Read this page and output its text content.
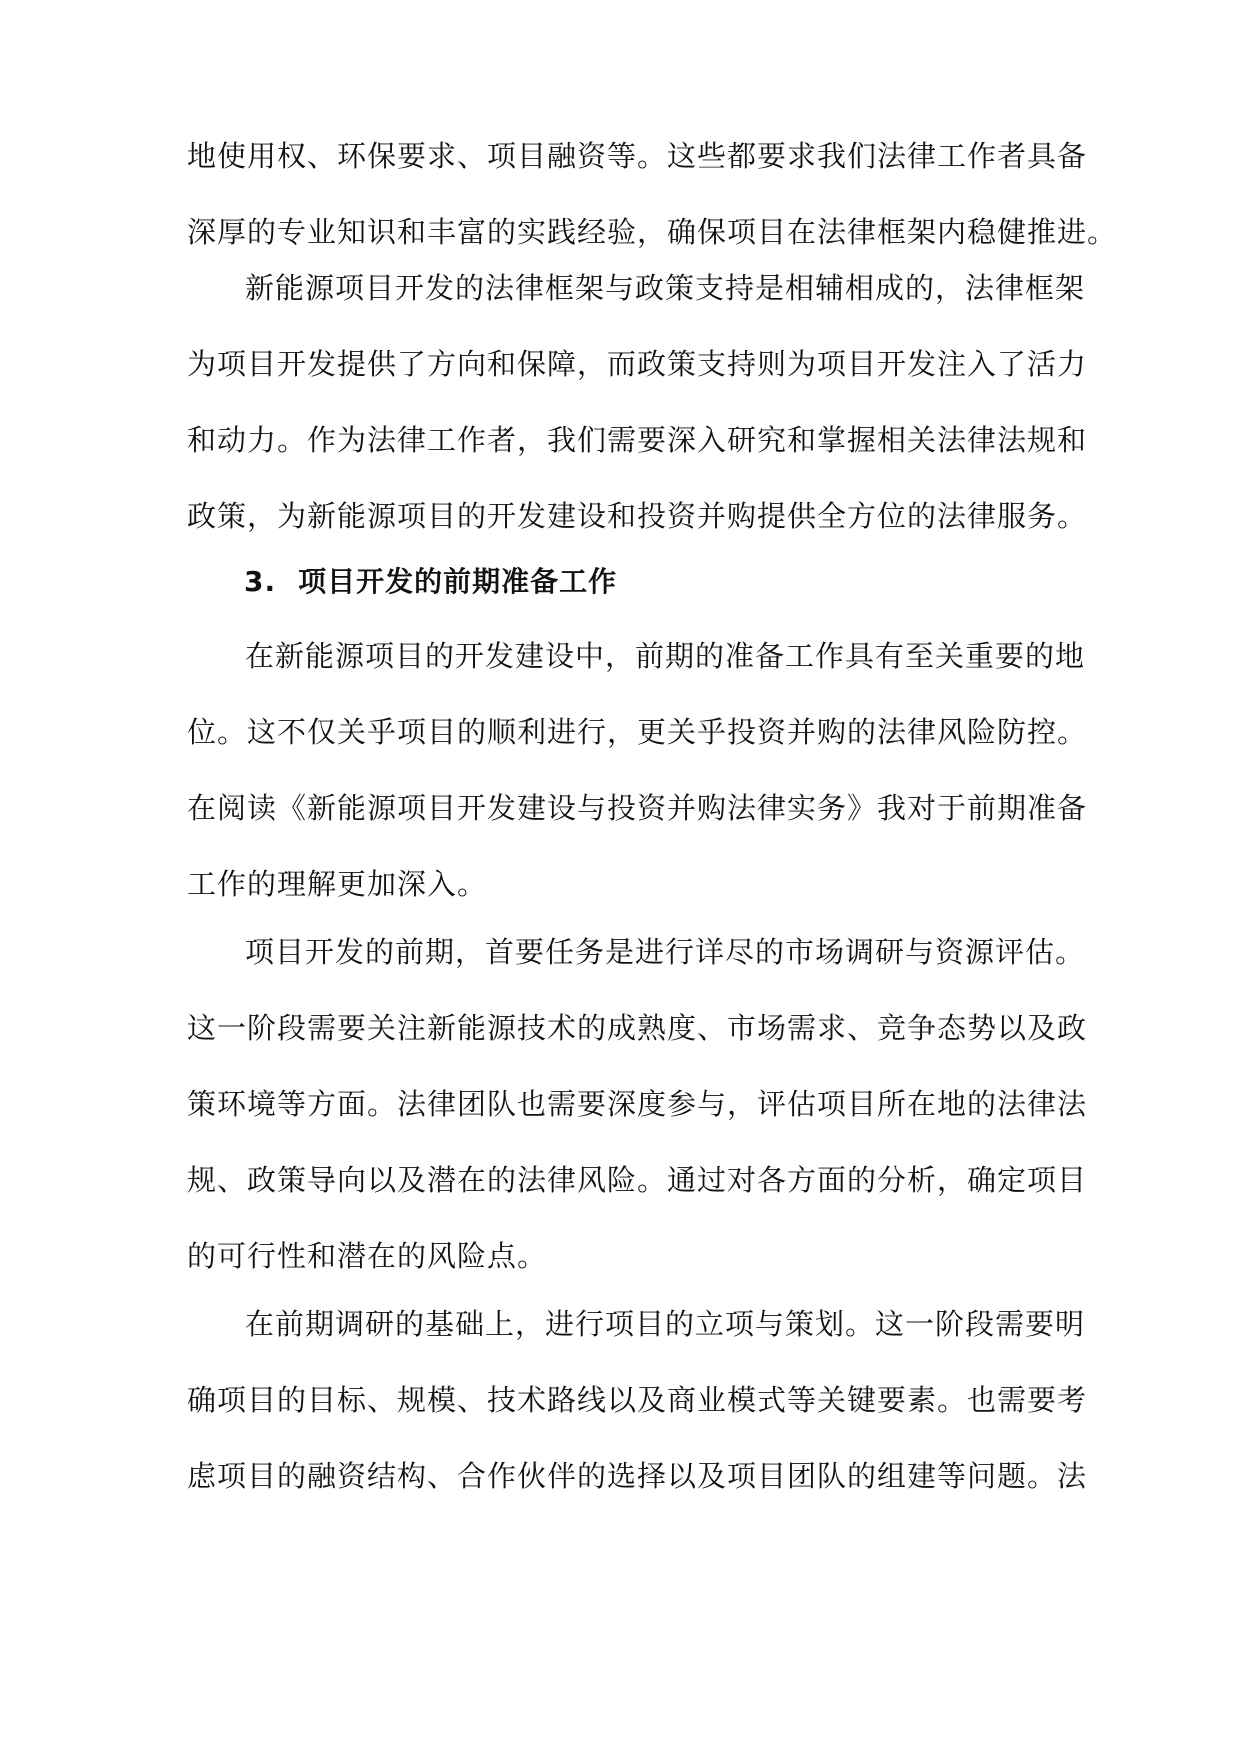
地使用权、环保要求、项目融资等。这些都要求我们法律工作者具备
深厚的专业知识和丰富的实践经验，确保项目在法律框架内稳健推进。
新能源项目开发的法律框架与政策支持是相辅相成的，法律框架
为项目开发提供了方向和保障，而政策支持则为项目开发注入了活力
和动力。作为法律工作者，我们需要深入研究和掌握相关法律法规和
政策，为新能源项目的开发建设和投资并购提供全方位的法律服务。
3. 项目开发的前期准备工作
在新能源项目的开发建设中，前期的准备工作具有至关重要的地
位。这不仅关乎项目的顺利进行，更关乎投资并购的法律风险防控。
在阅读《新能源项目开发建设与投资并购法律实务》我对于前期准备
工作的理解更加深入。
项目开发的前期，首要任务是进行详尽的市场调研与资源评估。
这一阶段需要关注新能源技术的成熟度、市场需求、竞争态势以及政
策环境等方面。法律团队也需要深度参与，评估项目所在地的法律法
规、政策导向以及潜在的法律风险。通过对各方面的分析，确定项目
的可行性和潜在的风险点。
在前期调研的基础上，进行项目的立项与策划。这一阶段需要明
确项目的目标、规模、技术路线以及商业模式等关键要素。也需要考
虑项目的融资结构、合作伙伴的选择以及项目团队的组建等问题。法
